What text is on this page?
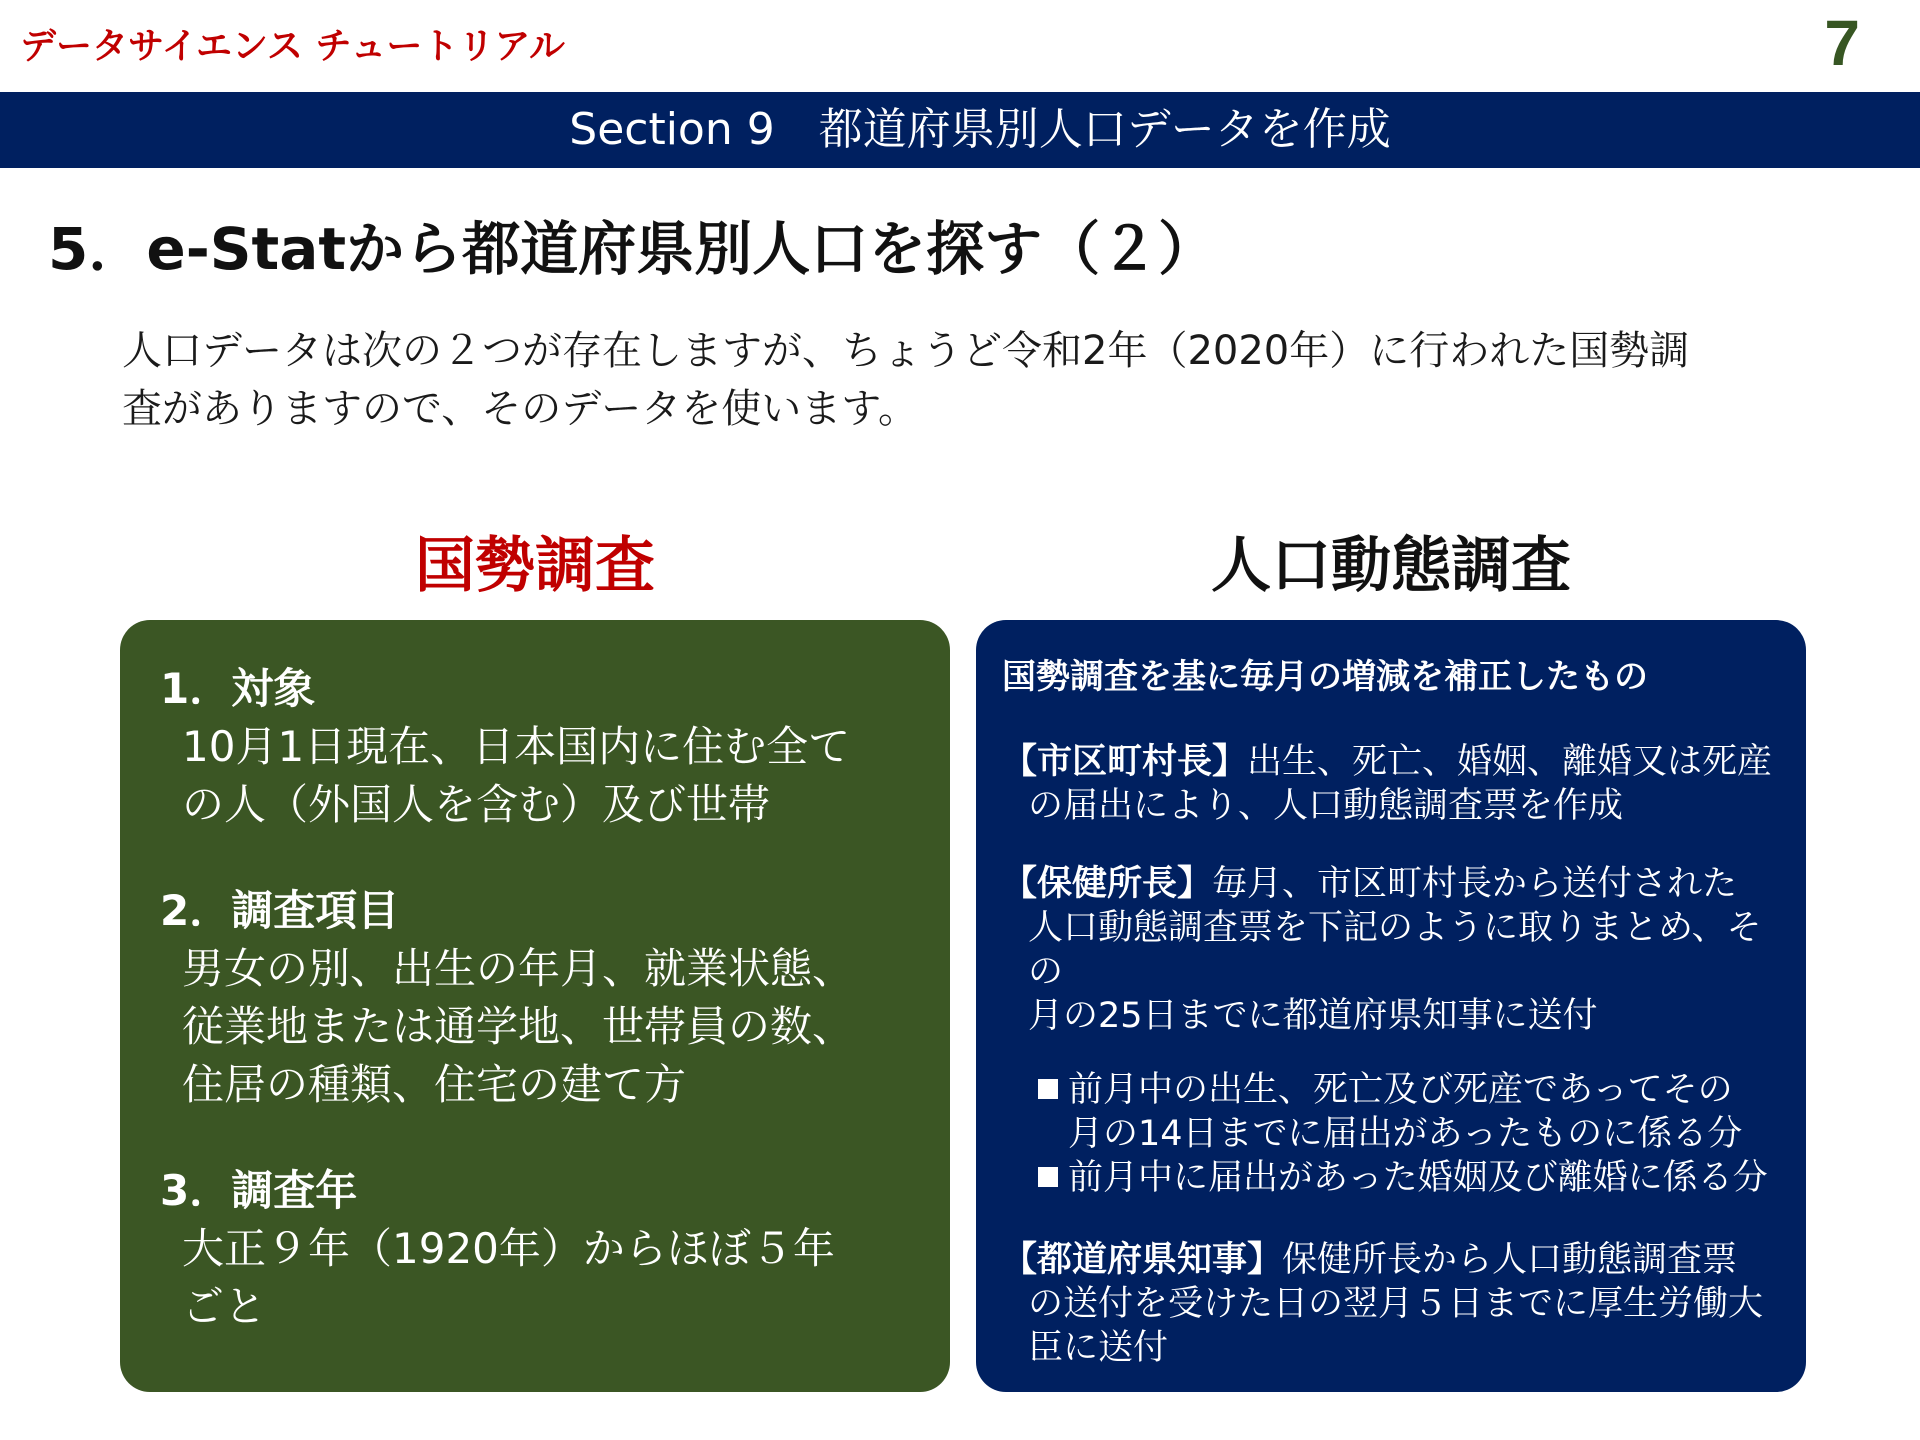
データサイエンス チュートリアル	7
Section 9　都道府県別人口データを作成
5．e-Statから都道府県別人口を探す（２）
人口データは次の２つが存在しますが、ちょうど令和2年（2020年）に行われた国勢調
査がありますので、そのデータを使います。
国勢調査	人口動態調査
1．対象
10月1日現在、日本国内に住む全て
の人（外国人を含む）及び世帯
2．調査項目
男女の別、出生の年月、就業状態、
従業地または通学地、世帯員の数、
住居の種類、住宅の建て方
3．調査年
大正９年（1920年）からほぼ５年
ごと
国勢調査を基に毎月の増減を補正したもの
【市区町村長】出生、死亡、婚姻、離婚又は死産
の届出により、人口動態調査票を作成
【保健所長】毎月、市区町村長から送付された
人口動態調査票を下記のように取りまとめ、その
月の25日までに都道府県知事に送付
前月中の出生、死亡及び死産であってその
月の14日までに届出があったものに係る分
前月中に届出があった婚姻及び離婚に係る分
【都道府県知事】保健所長から人口動態調査票
の送付を受けた日の翌月５日までに厚生労働大
臣に送付
